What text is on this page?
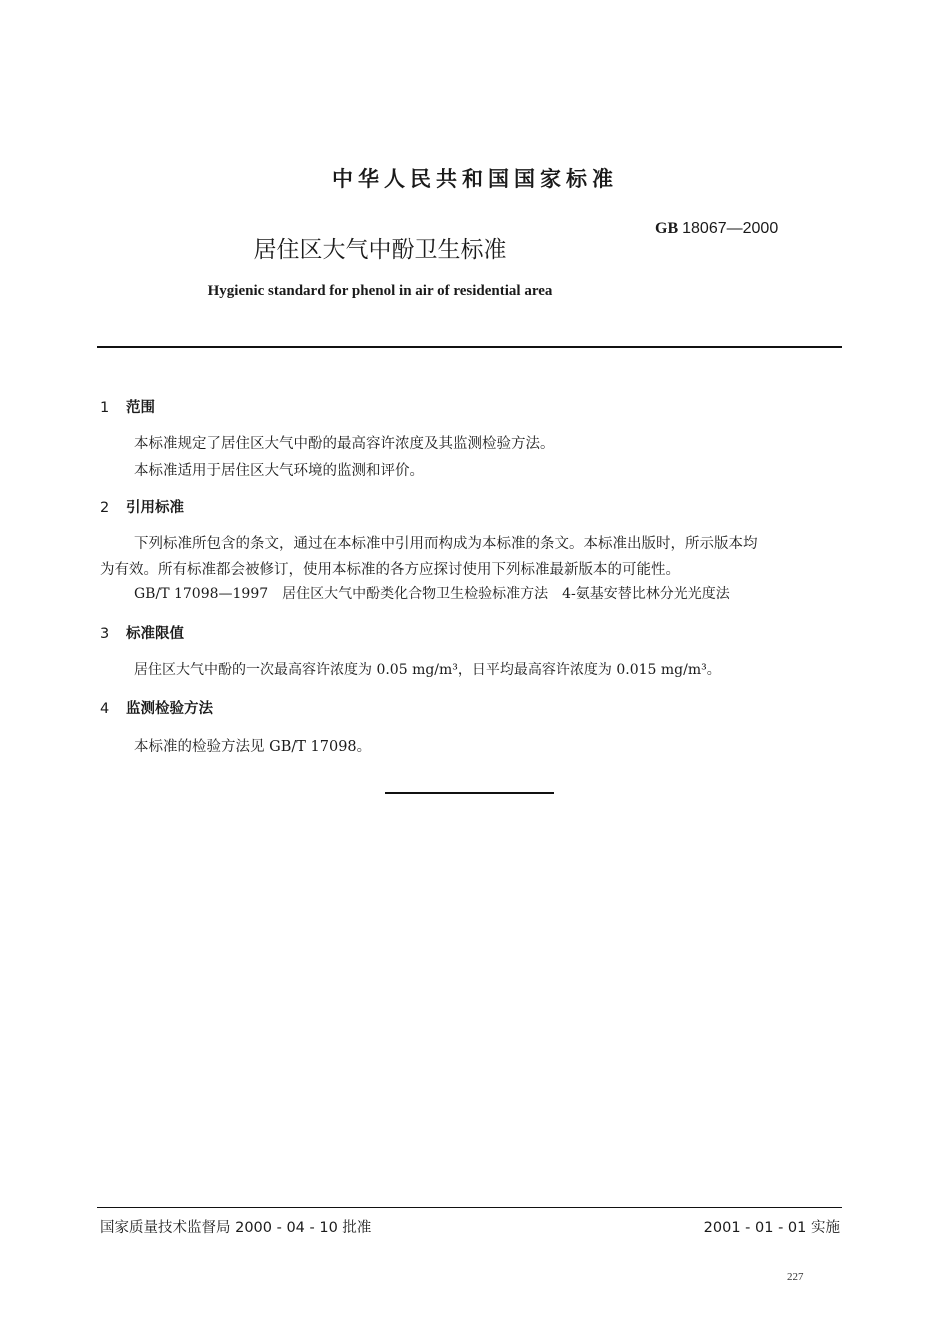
中华人民共和国国家标准
GB 18067—2000
居住区大气中酚卫生标准
Hygienic standard for phenol in air of residential area
1 范围
本标准规定了居住区大气中酚的最高容许浓度及其监测检验方法。
本标准适用于居住区大气环境的监测和评价。
2 引用标准
下列标准所包含的条文，通过在本标准中引用而构成为本标准的条文。本标准出版时，所示版本均
为有效。所有标准都会被修订，使用本标准的各方应探讨使用下列标准最新版本的可能性。
GB/T 17098—1997　居住区大气中酚类化合物卫生检验标准方法　4-氨基安替比林分光光度法
3 标准限值
居住区大气中酚的一次最高容许浓度为 0.05 mg/m³，日平均最高容许浓度为 0.015 mg/m³。
4 监测检验方法
本标准的检验方法见 GB/T 17098。
国家质量技术监督局 2000 - 04 - 10 批准	2001 - 01 - 01 实施
227
